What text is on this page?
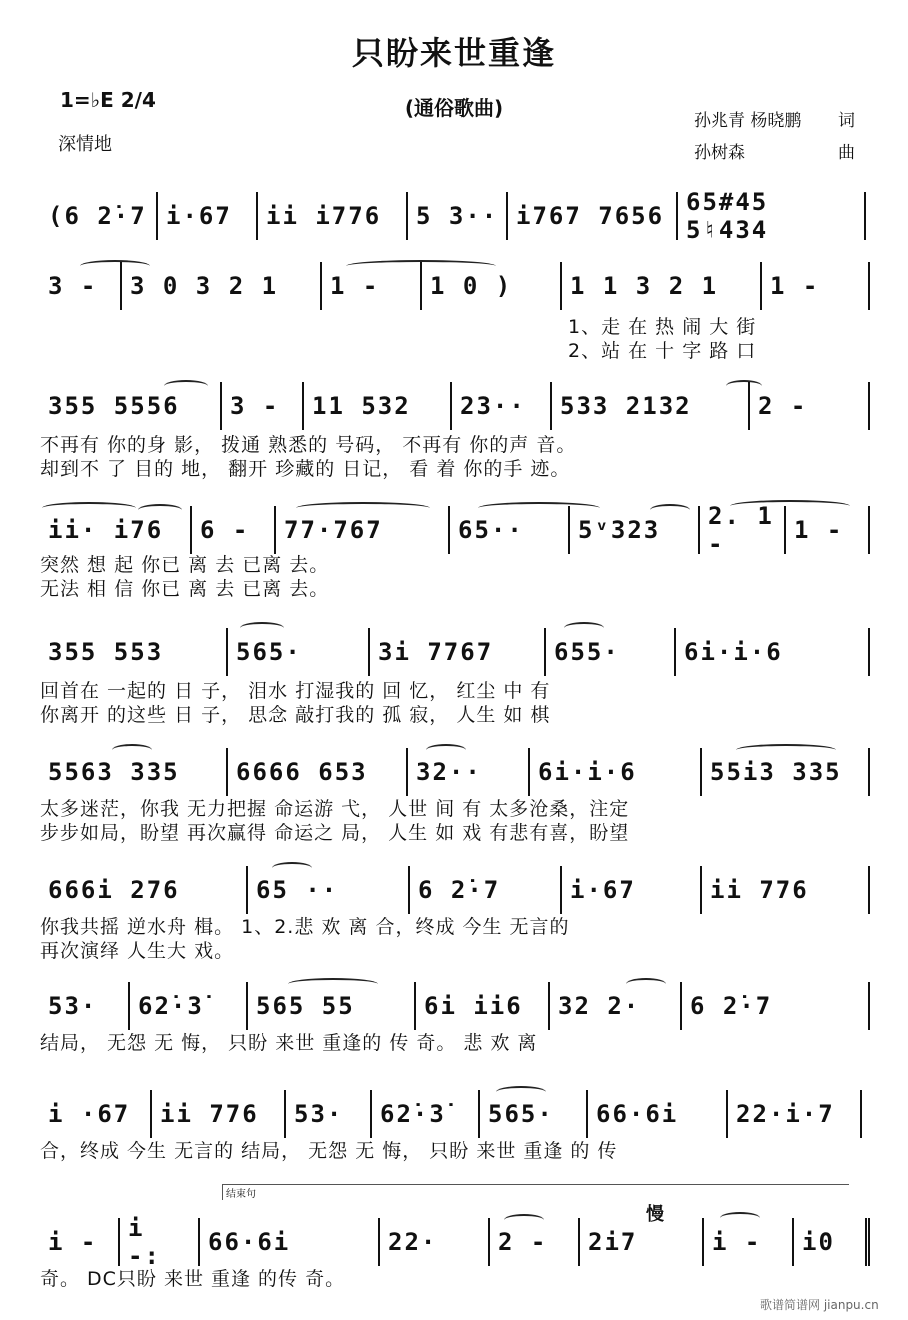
只盼来世重逢
(通俗歌曲)
1=♭E 2/4
深情地
孙兆青 杨晓鹏 词
孙树森	曲
(6 2̇·7 i·67	ii i776	5 3·· i767 7656 65#45 5♮434
3 -	3 0 3 2 1	1 -	1 0 )	1 1 3 2 1	1 -
1、走 在 热 闹 大 街
2、站 在 十 字 路 口
355 5556	3 -	11 532	23··	533 2132	2 -
不再有 你的身 影， 拨通 熟悉的 号码， 不再有 你的声 音。
却到不 了 目的 地， 翻开 珍藏的 日记， 看 着 你的手 迹。
ii· i76	6 -	77·767	65··	5ᵛ323	2. 1 -	1 -
突然 想 起 你已 离 去 已离 去。
无法 相 信 你已 离 去 已离 去。
355 553	565·	3i 7767	655·	6i·i·6
回首在 一起的 日 子， 泪水 打湿我的 回 忆， 红尘 中 有
你离开 的这些 日 子， 思念 敲打我的 孤 寂， 人生 如 棋
5563 335	6666 653	32··	6i·i·6	55i3 335
太多迷茫，你我 无力把握 命运游 弋， 人世 间 有 太多沧桑，注定
步步如局，盼望 再次赢得 命运之 局， 人生 如 戏 有悲有喜，盼望
666i 276	65 ··	6 2̇·7	i·67	ii 776
你我共摇 逆水舟 楫。 1、2.悲 欢 离 合，终成 今生 无言的
再次演绎 人生大 戏。
53·	62̇·3̇	565 55	6i ii6	32 2·	6 2̇·7
结局， 无怨 无 悔， 只盼 来世 重逢的 传 奇。 悲 欢 离
i ·67	ii 776	53·	62̇·3̇	565·	66·6i	22·i·7
合，终成 今生 无言的 结局， 无怨 无 悔， 只盼 来世 重逢 的 传
结束句
慢
i -	i -:	66·6i	22·	2 -	2i7	i -	i0
奇。 DC只盼 来世 重逢 的传 奇。
歌谱简谱网 jianpu.cn
